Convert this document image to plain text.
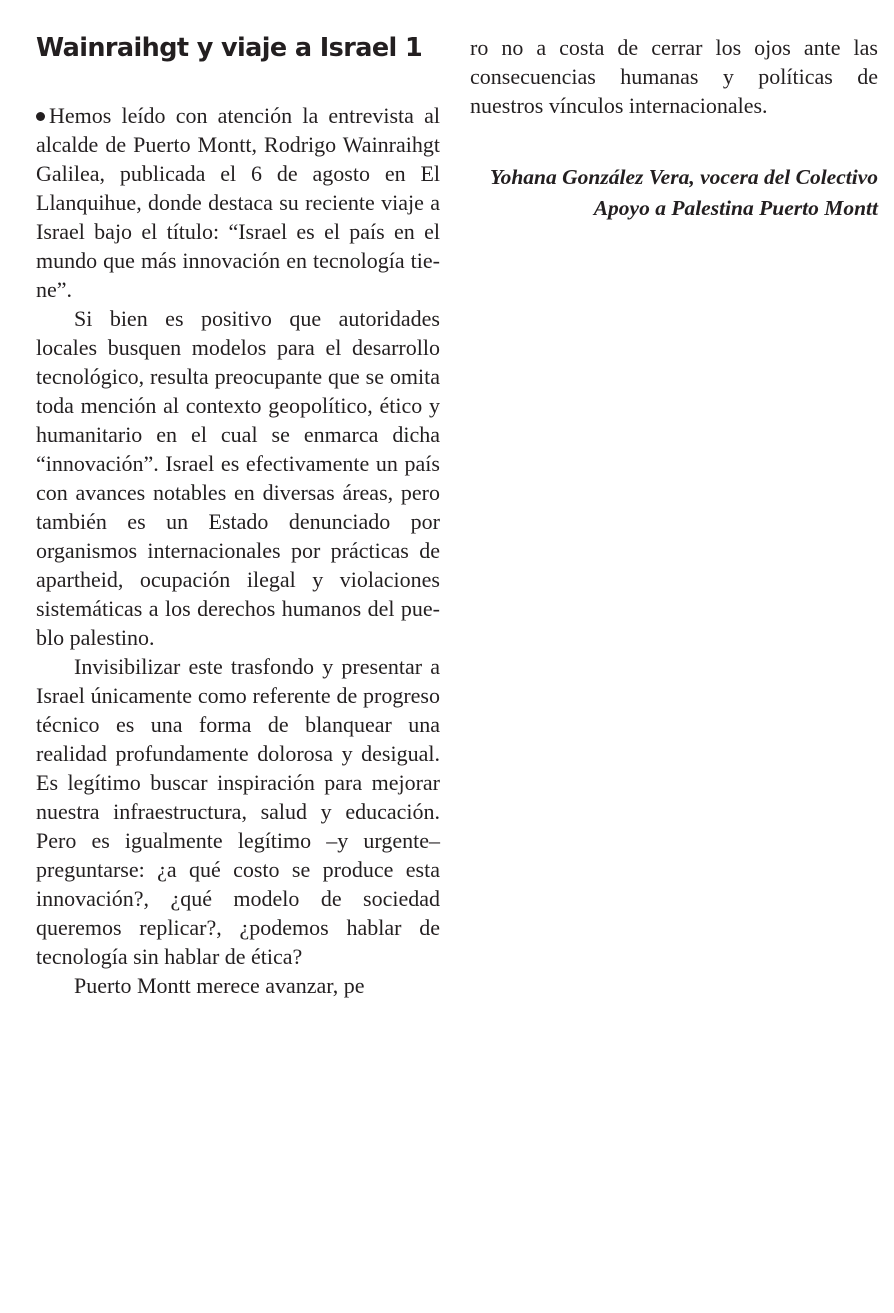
Wainraihgt y viaje a Israel 1

Hemos leído con atención la entrevista al alcalde de Puerto Montt, Rodrigo Wainraihgt Galilea, publicada el 6 de agosto en El Llanquihue, donde destaca su reciente viaje a Israel bajo el título: “Israel es el país en el mundo que más innovación en tecnología tiene”.

Si bien es positivo que autoridades locales busquen modelos para el desarrollo tecnológico, resulta preocupante que se omita toda mención al contexto geopolítico, ético y humanitario en el cual se enmarca dicha “innovación”. Israel es efectivamente un país con avances notables en diversas áreas, pero también es un Estado denunciado por organismos internacionales por prácticas de apartheid, ocupación ilegal y violaciones sistemáticas a los derechos humanos del pueblo palestino.

Invisibilizar este trasfondo y presentar a Israel únicamente como referente de progreso técnico es una forma de blanquear una realidad profundamente dolorosa y desigual. Es legítimo buscar inspiración para mejorar nuestra infraestructura, salud y educación. Pero es igualmente legítimo –y urgente– preguntarse: ¿a qué costo se produce esta innovación?, ¿qué modelo de sociedad queremos replicar?, ¿podemos hablar de tecnología sin hablar de ética?

Puerto Montt merece avanzar, pe

ro no a costa de cerrar los ojos ante las consecuencias humanas y políticas de nuestros vínculos internacionales.

Yohana González Vera, vocera del Colectivo Apoyo a Palestina Puerto Montt
